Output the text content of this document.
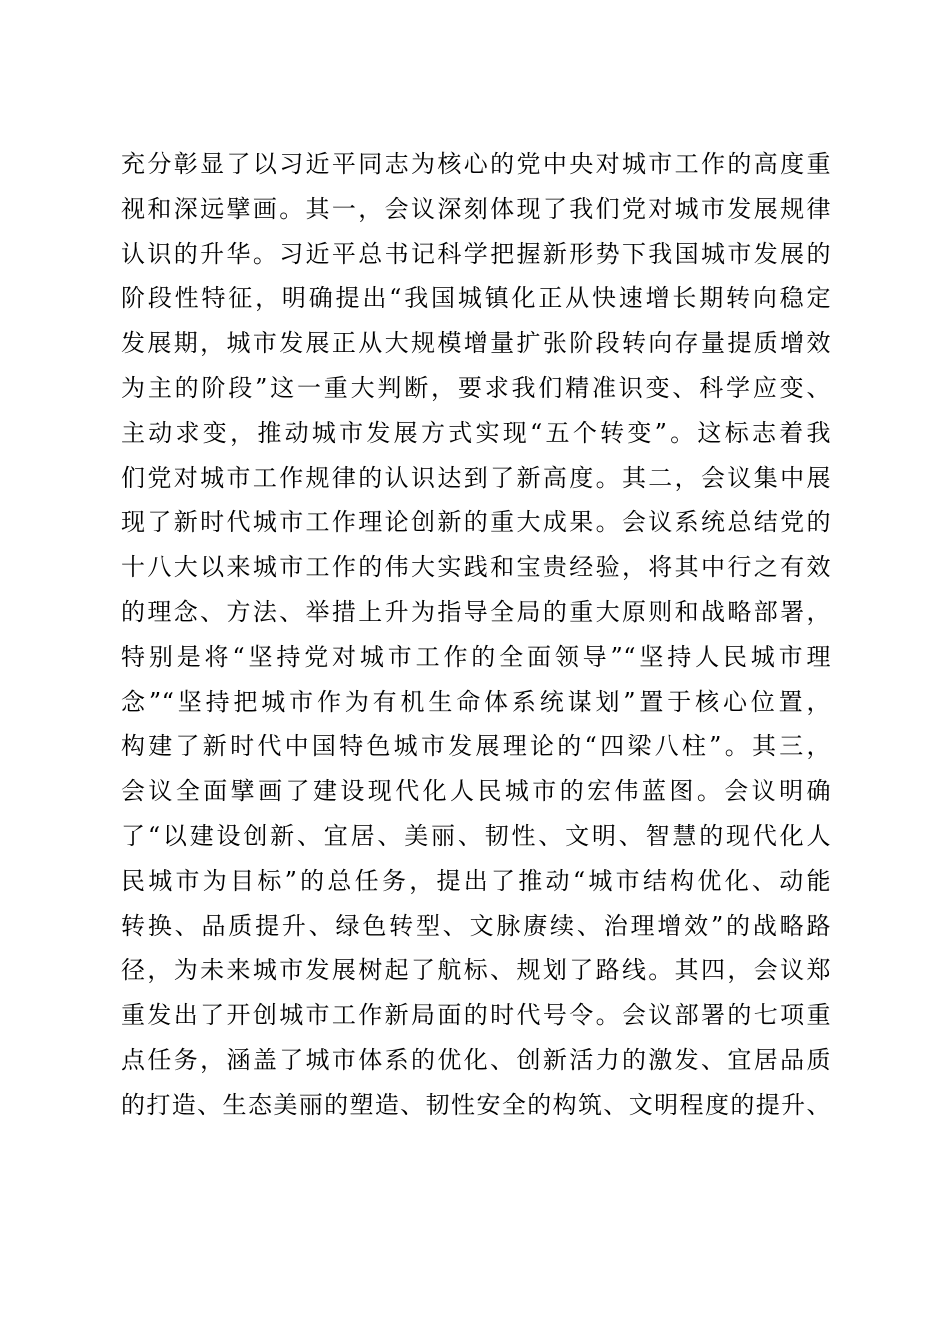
充分彰显了以习近平同志为核心的党中央对城市工作的高度重
视和深远擘画。其一，会议深刻体现了我们党对城市发展规律
认识的升华。习近平总书记科学把握新形势下我国城市发展的
阶段性特征，明确提出“我国城镇化正从快速增长期转向稳定
发展期，城市发展正从大规模增量扩张阶段转向存量提质增效
为主的阶段”这一重大判断，要求我们精准识变、科学应变、
主动求变，推动城市发展方式实现“五个转变”。这标志着我
们党对城市工作规律的认识达到了新高度。其二，会议集中展
现了新时代城市工作理论创新的重大成果。会议系统总结党的
十八大以来城市工作的伟大实践和宝贵经验，将其中行之有效
的理念、方法、举措上升为指导全局的重大原则和战略部署，
特别是将“坚持党对城市工作的全面领导”“坚持人民城市理
念”“坚持把城市作为有机生命体系统谋划”置于核心位置，
构建了新时代中国特色城市发展理论的“四梁八柱”。其三，
会议全面擘画了建设现代化人民城市的宏伟蓝图。会议明确
了“以建设创新、宜居、美丽、韧性、文明、智慧的现代化人
民城市为目标”的总任务，提出了推动“城市结构优化、动能
转换、品质提升、绿色转型、文脉赓续、治理增效”的战略路
径，为未来城市发展树起了航标、规划了路线。其四，会议郑
重发出了开创城市工作新局面的时代号令。会议部署的七项重
点任务，涵盖了城市体系的优化、创新活力的激发、宜居品质
的打造、生态美丽的塑造、韧性安全的构筑、文明程度的提升、
